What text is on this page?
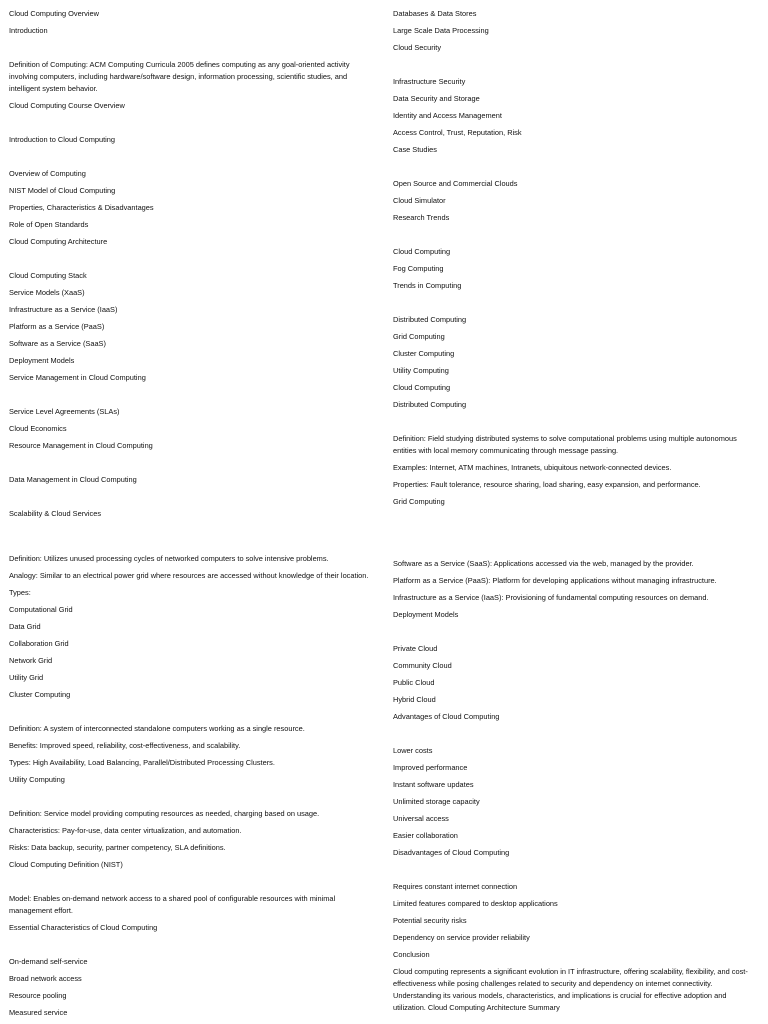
Cloud Computing Overview
Introduction
Definition of Computing: ACM Computing Curricula 2005 defines computing as any goal-oriented activity involving computers, including hardware/software design, information processing, scientific studies, and intelligent system behavior.
Cloud Computing Course Overview
Introduction to Cloud Computing
Overview of Computing
NIST Model of Cloud Computing
Properties, Characteristics & Disadvantages
Role of Open Standards
Cloud Computing Architecture
Cloud Computing Stack
Service Models (XaaS)
Infrastructure as a Service (IaaS)
Platform as a Service (PaaS)
Software as a Service (SaaS)
Deployment Models
Service Management in Cloud Computing
Service Level Agreements (SLAs)
Cloud Economics
Resource Management in Cloud Computing
Data Management in Cloud Computing
Scalability & Cloud Services
Definition: Utilizes unused processing cycles of networked computers to solve intensive problems.
Analogy: Similar to an electrical power grid where resources are accessed without knowledge of their location.
Types:
Computational Grid
Data Grid
Collaboration Grid
Network Grid
Utility Grid
Cluster Computing
Definition: A system of interconnected standalone computers working as a single resource.
Benefits: Improved speed, reliability, cost-effectiveness, and scalability.
Types: High Availability, Load Balancing, Parallel/Distributed Processing Clusters.
Utility Computing
Definition: Service model providing computing resources as needed, charging based on usage.
Characteristics: Pay-for-use, data center virtualization, and automation.
Risks: Data backup, security, partner competency, SLA definitions.
Cloud Computing Definition (NIST)
Model: Enables on-demand network access to a shared pool of configurable resources with minimal management effort.
Essential Characteristics of Cloud Computing
On-demand self-service
Broad network access
Resource pooling
Measured service
Databases & Data Stores
Large Scale Data Processing
Cloud Security
Infrastructure Security
Data Security and Storage
Identity and Access Management
Access Control, Trust, Reputation, Risk
Case Studies
Open Source and Commercial Clouds
Cloud Simulator
Research Trends
Cloud Computing
Fog Computing
Trends in Computing
Distributed Computing
Grid Computing
Cluster Computing
Utility Computing
Cloud Computing
Distributed Computing
Definition: Field studying distributed systems to solve computational problems using multiple autonomous entities with local memory communicating through message passing.
Examples: Internet, ATM machines, Intranets, ubiquitous network-connected devices.
Properties: Fault tolerance, resource sharing, load sharing, easy expansion, and performance.
Grid Computing
Software as a Service (SaaS): Applications accessed via the web, managed by the provider.
Platform as a Service (PaaS): Platform for developing applications without managing infrastructure.
Infrastructure as a Service (IaaS): Provisioning of fundamental computing resources on demand.
Deployment Models
Private Cloud
Community Cloud
Public Cloud
Hybrid Cloud
Advantages of Cloud Computing
Lower costs
Improved performance
Instant software updates
Unlimited storage capacity
Universal access
Easier collaboration
Disadvantages of Cloud Computing
Requires constant internet connection
Limited features compared to desktop applications
Potential security risks
Dependency on service provider reliability
Conclusion
Cloud computing represents a significant evolution in IT infrastructure, offering scalability, flexibility, and cost-effectiveness while posing challenges related to security and dependency on internet connectivity. Understanding its various models, characteristics, and implications is crucial for effective adoption and utilization. Cloud Computing Architecture Summary
